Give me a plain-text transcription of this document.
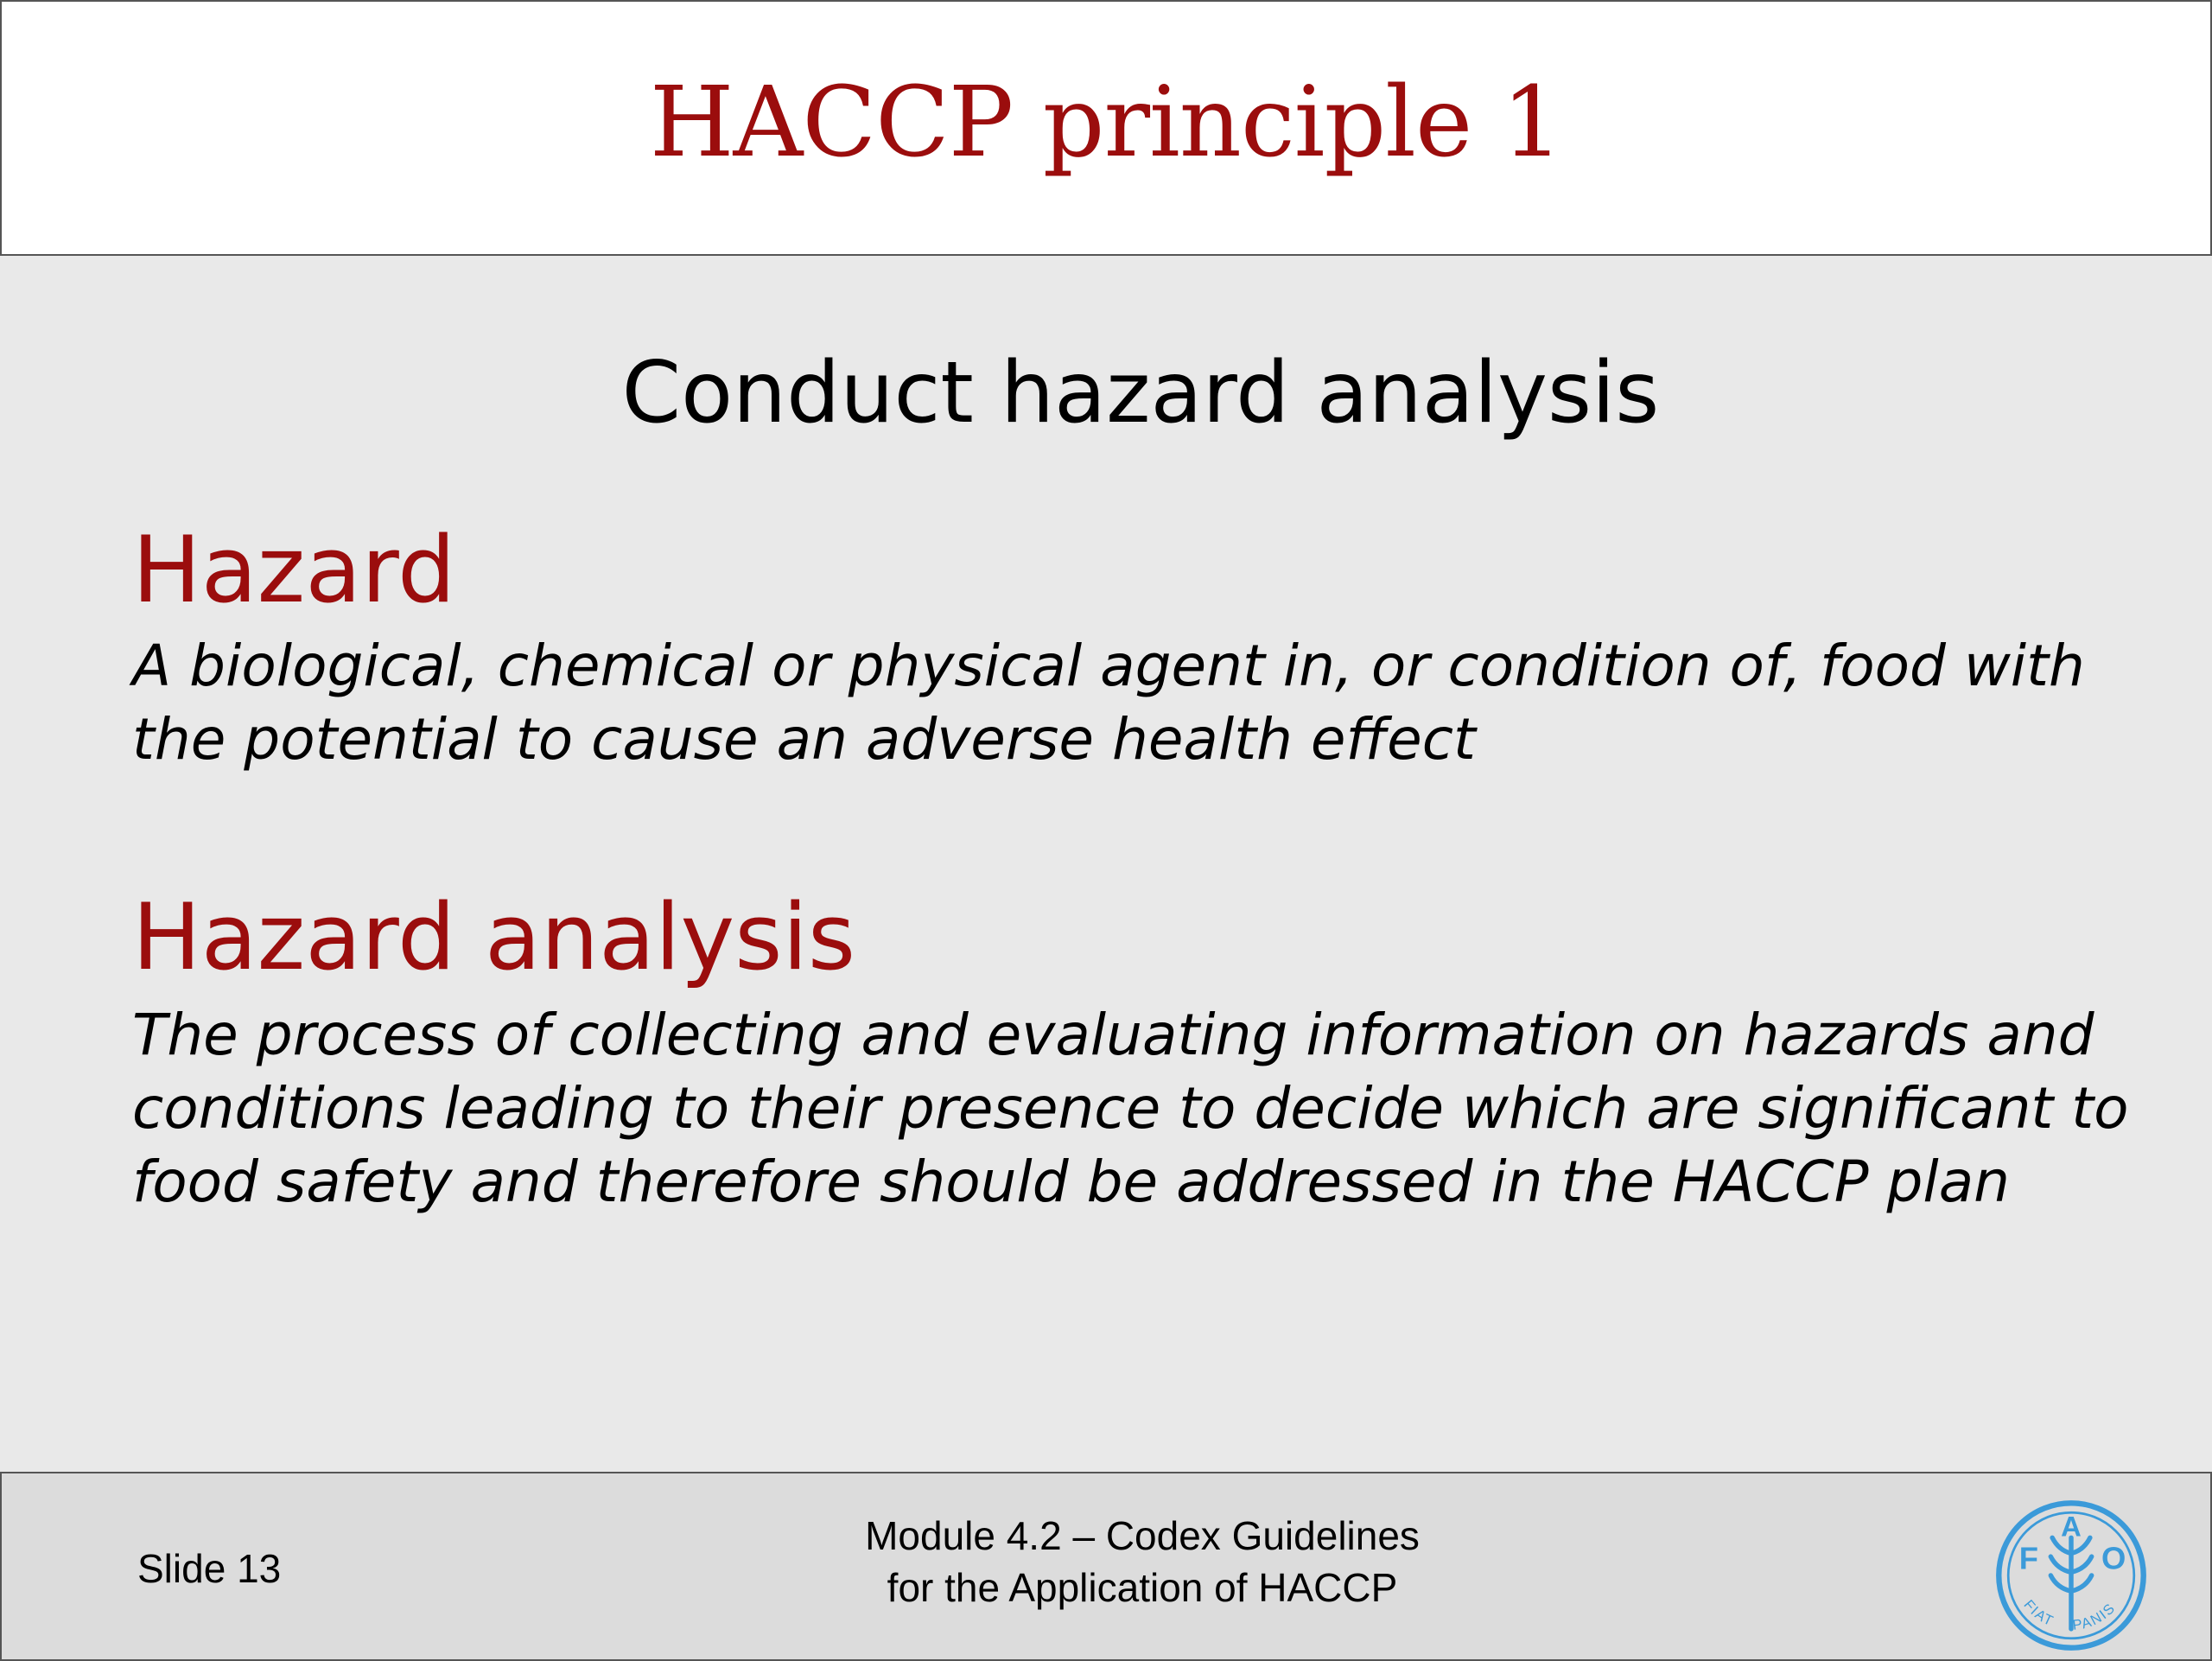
HACCP principle 1
Conduct hazard analysis
Hazard
A biological, chemical or physical agent in, or condition of, food with the potential to cause an adverse health effect
Hazard analysis
The process of collecting and evaluating information on hazards and conditions leading to their presence to decide which are significant to food safety and therefore should be addressed in the HACCP plan
Slide 13
Module 4.2 – Codex Guidelines
for the Application of HACCP
F
A
O
FIAT PANIS
